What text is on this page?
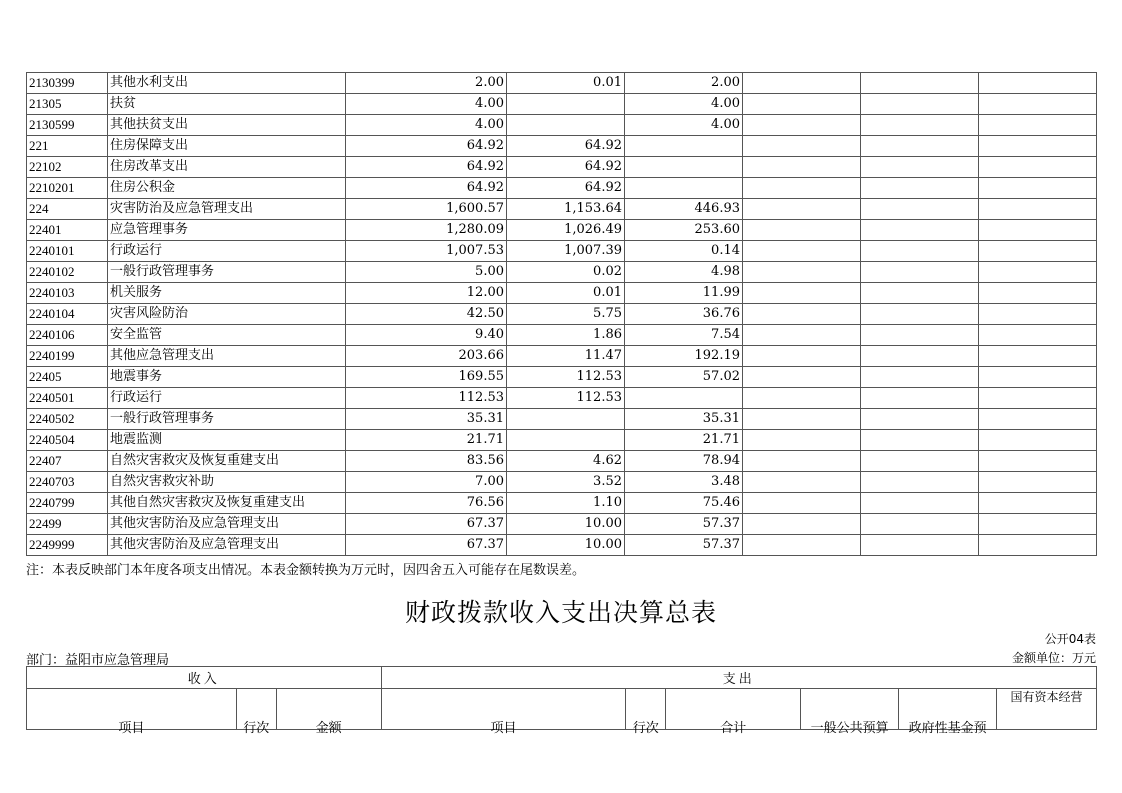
2130399	其他水利支出	2.00	0.01	2.00			
21305	扶贫	4.00		4.00			
2130599	其他扶贫支出	4.00		4.00			
221	住房保障支出	64.92	64.92				
22102	住房改革支出	64.92	64.92				
2210201	住房公积金	64.92	64.92				
224	灾害防治及应急管理支出	1,600.57	1,153.64	446.93			
22401	应急管理事务	1,280.09	1,026.49	253.60			
2240101	行政运行	1,007.53	1,007.39	0.14			
2240102	一般行政管理事务	5.00	0.02	4.98			
2240103	机关服务	12.00	0.01	11.99			
2240104	灾害风险防治	42.50	5.75	36.76			
2240106	安全监管	9.40	1.86	7.54			
2240199	其他应急管理支出	203.66	11.47	192.19			
22405	地震事务	169.55	112.53	57.02			
2240501	行政运行	112.53	112.53				
2240502	一般行政管理事务	35.31		35.31			
2240504	地震监测	21.71		21.71			
22407	自然灾害救灾及恢复重建支出	83.56	4.62	78.94			
2240703	自然灾害救灾补助	7.00	3.52	3.48			
2240799	其他自然灾害救灾及恢复重建支出	76.56	1.10	75.46			
22499	其他灾害防治及应急管理支出	67.37	10.00	57.37			
2249999	其他灾害防治及应急管理支出	67.37	10.00	57.37			
注：本表反映部门本年度各项支出情况。本表金额转换为万元时，因四舍五入可能存在尾数误差。
财政拨款收入支出决算总表
公开04表
部门：益阳市应急管理局	金额单位：万元
收入			支出					
项目	行次	金额	项目	行次	合计	一般公共预算	政府性基金预	国有资本经营
